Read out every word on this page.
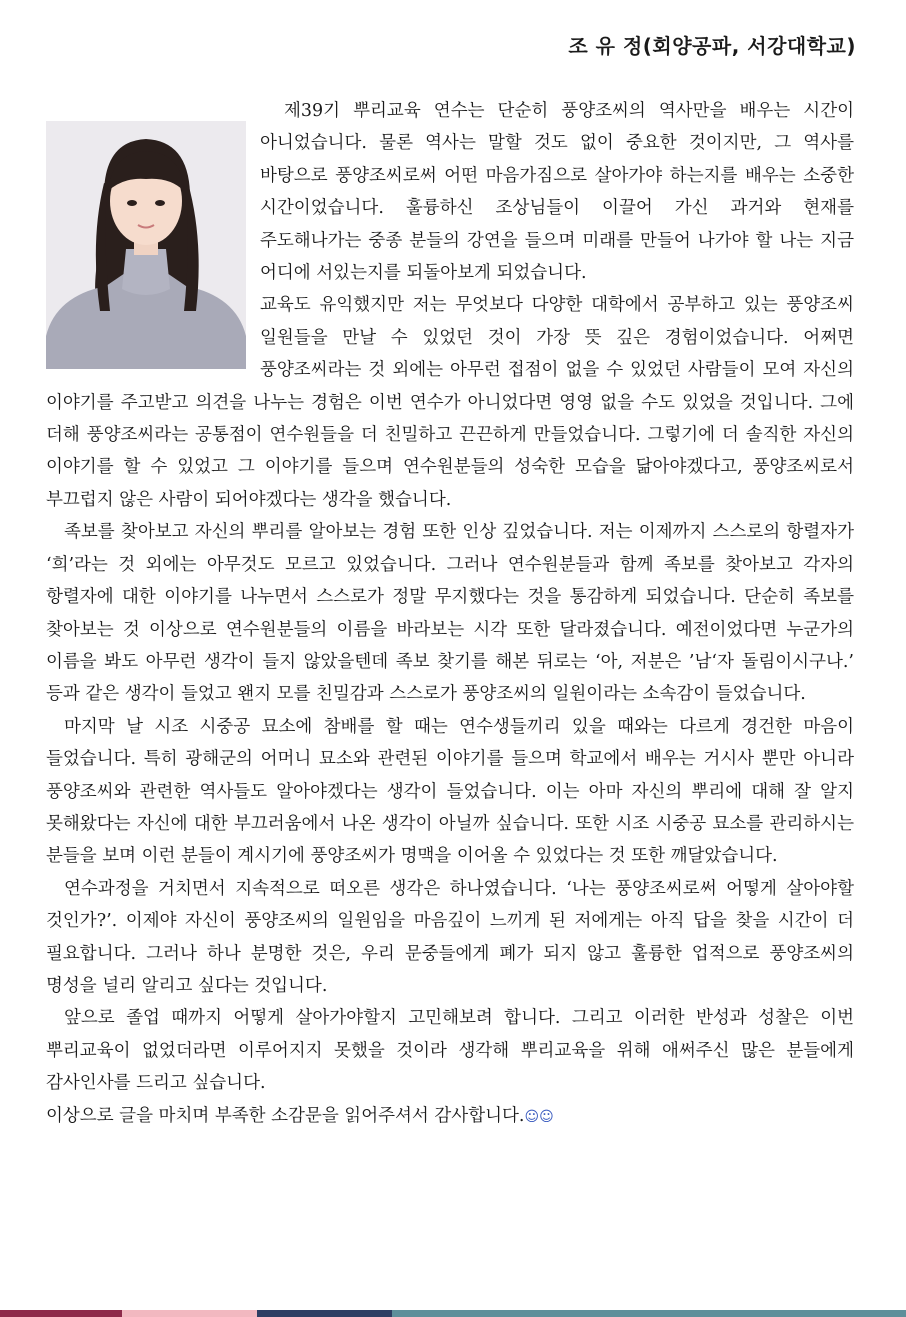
조 유 정(회양공파, 서강대학교)

제39기 뿌리교육 연수는 단순히 풍양조씨의 역사만을 배우는 시간이 아니었습니다. 물론 역사는 말할 것도 없이 중요한 것이지만, 그 역사를 바탕으로 풍양조씨로써 어떤 마음가짐으로 살아가야 하는지를 배우는 소중한 시간이었습니다. 훌륭하신 조상님들이 이끌어 가신 과거와 현재를 주도해나가는 중종 분들의 강연을 들으며 미래를 만들어 나가야 할 나는 지금 어디에 서있는지를 되돌아보게 되었습니다.

교육도 유익했지만 저는 무엇보다 다양한 대학에서 공부하고 있는 풍양조씨 일원들을 만날 수 있었던 것이 가장 뜻 깊은 경험이었습니다. 어쩌면 풍양조씨라는 것 외에는 아무런 접점이 없을 수 있었던 사람들이 모여 자신의 이야기를 주고받고 의견을 나누는 경험은 이번 연수가 아니었다면 영영 없을 수도 있었을 것입니다. 그에 더해 풍양조씨라는 공통점이 연수원들을 더 친밀하고 끈끈하게 만들었습니다. 그렇기에 더 솔직한 자신의 이야기를 할 수 있었고 그 이야기를 들으며 연수원분들의 성숙한 모습을 닮아야겠다고, 풍양조씨로서 부끄럽지 않은 사람이 되어야겠다는 생각을 했습니다.

족보를 찾아보고 자신의 뿌리를 알아보는 경험 또한 인상 깊었습니다. 저는 이제까지 스스로의 항렬자가 ‘희’라는 것 외에는 아무것도 모르고 있었습니다. 그러나 연수원분들과 함께 족보를 찾아보고 각자의 항렬자에 대한 이야기를 나누면서 스스로가 정말 무지했다는 것을 통감하게 되었습니다. 단순히 족보를 찾아보는 것 이상으로 연수원분들의 이름을 바라보는 시각 또한 달라졌습니다. 예전이었다면 누군가의 이름을 봐도 아무런 생각이 들지 않았을텐데 족보 찾기를 해본 뒤로는 ‘아, 저분은 ’남‘자 돌림이시구나.’ 등과 같은 생각이 들었고 왠지 모를 친밀감과 스스로가 풍양조씨의 일원이라는 소속감이 들었습니다.

마지막 날 시조 시중공 묘소에 참배를 할 때는 연수생들끼리 있을 때와는 다르게 경건한 마음이 들었습니다. 특히 광해군의 어머니 묘소와 관련된 이야기를 들으며 학교에서 배우는 거시사 뿐만 아니라 풍양조씨와 관련한 역사들도 알아야겠다는 생각이 들었습니다. 이는 아마 자신의 뿌리에 대해 잘 알지 못해왔다는 자신에 대한 부끄러움에서 나온 생각이 아닐까 싶습니다. 또한 시조 시중공 묘소를 관리하시는 분들을 보며 이런 분들이 계시기에 풍양조씨가 명맥을 이어올 수 있었다는 것 또한 깨달았습니다.

연수과정을 거치면서 지속적으로 떠오른 생각은 하나였습니다. ‘나는 풍양조씨로써 어떻게 살아야할 것인가?’. 이제야 자신이 풍양조씨의 일원임을 마음깊이 느끼게 된 저에게는 아직 답을 찾을 시간이 더 필요합니다. 그러나 하나 분명한 것은, 우리 문중들에게 폐가 되지 않고 훌륭한 업적으로 풍양조씨의 명성을 널리 알리고 싶다는 것입니다.

앞으로 졸업 때까지 어떻게 살아가야할지 고민해보려 합니다. 그리고 이러한 반성과 성찰은 이번 뿌리교육이 없었더라면 이루어지지 못했을 것이라 생각해 뿌리교육을 위해 애써주신 많은 분들에게 감사인사를 드리고 싶습니다.

이상으로 글을 마치며 부족한 소감문을 읽어주셔서 감사합니다.☺☺
